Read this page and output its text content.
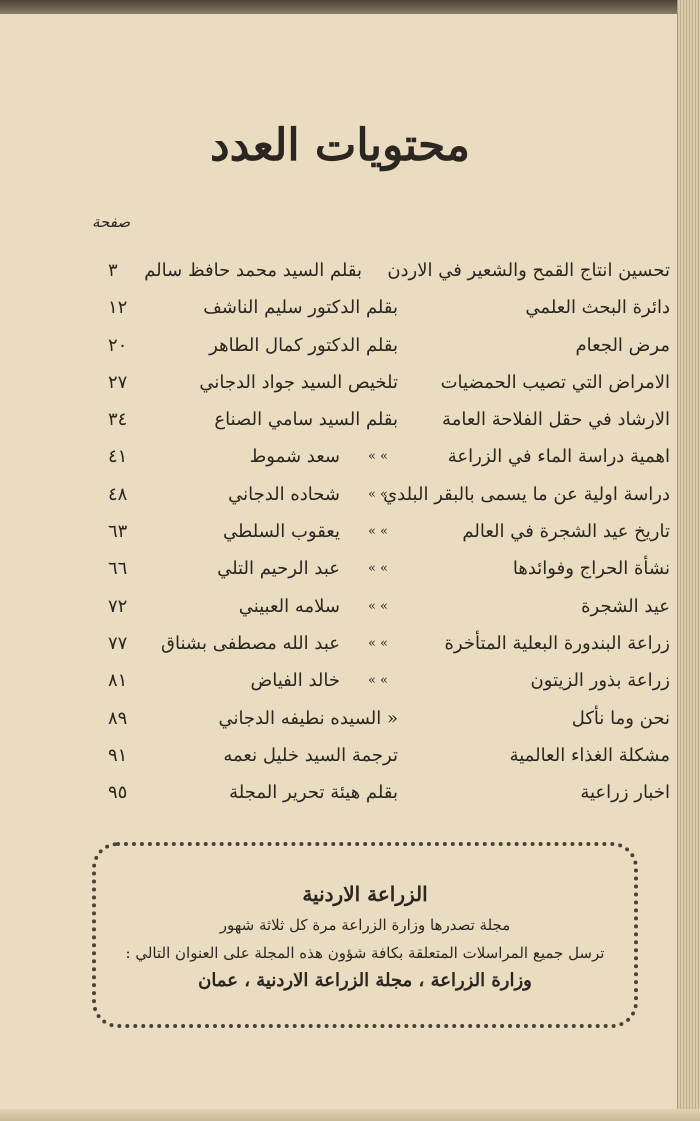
محتويات العدد
صفحة
تحسين انتاج القمح والشعير في الاردن
بقلم السيد محمد حافظ سالم
٣
دائرة البحث العلمي
بقلم الدكتور سليم الناشف
١٢
مرض الجعام
بقلم الدكتور كمال الطاهر
٢٠
الامراض التي تصيب الحمضيات
تلخيص السيد جواد الدجاني
٢٧
الارشاد في حقل الفلاحة العامة
بقلم السيد سامي الصناع
٣٤
اهمية دراسة الماء في الزراعة
» »
سعد شموط
٤١
دراسة اولية عن ما يسمى بالبقر البلدي
» »
شحاده الدجاني
٤٨
تاريخ عيد الشجرة في العالم
» »
يعقوب السلطي
٦٣
نشأة الحراج وفوائدها
» »
عبد الرحيم التلي
٦٦
عيد الشجرة
» »
سلامه العبيني
٧٢
زراعة البندورة البعلية المتأخرة
» »
عبد الله مصطفى بشناق
٧٧
زراعة بذور الزيتون
» »
خالد الفياض
٨١
نحن وما نأكل
« السيده نطيفه الدجاني
٨٩
مشكلة الغذاء العالمية
ترجمة السيد خليل نعمه
٩١
اخبار زراعية
بقلم هيئة تحرير المجلة
٩٥
الزراعة الاردنية
مجلة تصدرها وزارة الزراعة مرة كل ثلاثة شهور
ترسل جميع المراسلات المتعلقة بكافة شؤون هذه المجلة على العنوان التالي :
وزارة الزراعة ، مجلة الزراعة الاردنية ، عمان
